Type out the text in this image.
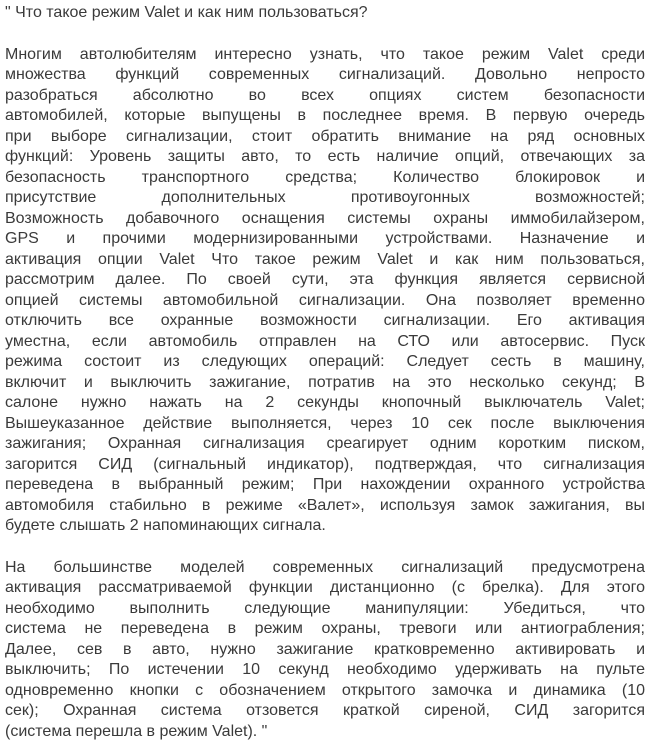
" Что такое режим Valet и как ним пользоваться?
Многим автолюбителям интересно узнать, что такое режим Valet среди
множества функций современных сигнализаций. Довольно непросто
разобраться абсолютно во всех опциях систем безопасности
автомобилей, которые выпущены в последнее время. В первую очередь
при выборе сигнализации, стоит обратить внимание на ряд основных
функций: Уровень защиты авто, то есть наличие опций, отвечающих за
безопасность транспортного средства; Количество блокировок и
присутствие дополнительных противоугонных возможностей;
Возможность добавочного оснащения системы охраны иммобилайзером,
GPS и прочими модернизированными устройствами. Назначение и
активация опции Valet Что такое режим Valet и как ним пользоваться,
рассмотрим далее. По своей сути, эта функция является сервисной
опцией системы автомобильной сигнализации. Она позволяет временно
отключить все охранные возможности сигнализации. Его активация
уместна, если автомобиль отправлен на СТО или автосервис. Пуск
режима состоит из следующих операций: Следует сесть в машину,
включит и выключить зажигание, потратив на это несколько секунд; В
салоне нужно нажать на 2 секунды кнопочный выключатель Valet;
Вышеуказанное действие выполняется, через 10 сек после выключения
зажигания; Охранная сигнализация среагирует одним коротким писком,
загорится СИД (сигнальный индикатор), подтверждая, что сигнализация
переведена в выбранный режим; При нахождении охранного устройства
автомобиля стабильно в режиме «Валет», используя замок зажигания, вы
будете слышать 2 напоминающих сигнала.
На большинстве моделей современных сигнализаций предусмотрена
активация рассматриваемой функции дистанционно (с брелка). Для этого
необходимо выполнить следующие манипуляции: Убедиться, что
система не переведена в режим охраны, тревоги или антиограбления;
Далее, сев в авто, нужно зажигание кратковременно активировать и
выключить; По истечении 10 секунд необходимо удерживать на пульте
одновременно кнопки с обозначением открытого замочка и динамика (10
сек); Охранная система отзовется краткой сиреной, СИД загорится
(система перешла в режим Valet). "
